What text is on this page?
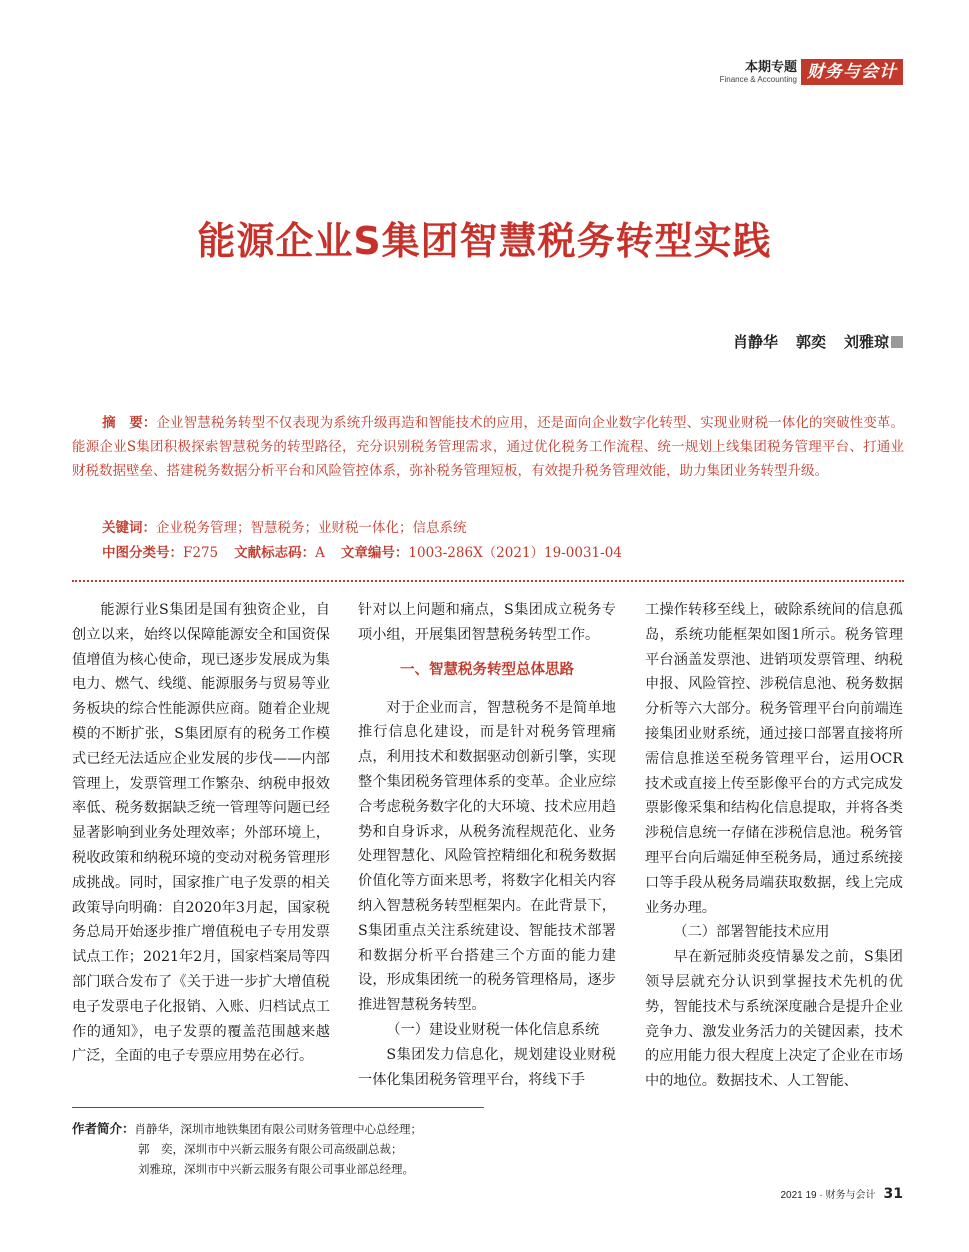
本期专题
Finance & Accounting 财务与会计
能源企业S集团智慧税务转型实践
肖静华 郭奕 刘雅琼
摘　要：企业智慧税务转型不仅表现为系统升级再造和智能技术的应用，还是面向企业数字化转型、实现业财税一体化的突破性变革。能源企业S集团积极探索智慧税务的转型路径，充分识别税务管理需求，通过优化税务工作流程、统一规划上线集团税务管理平台、打通业财税数据壁垒、搭建税务数据分析平台和风险管控体系，弥补税务管理短板，有效提升税务管理效能，助力集团业务转型升级。
关键词：企业税务管理；智慧税务；业财税一体化；信息系统
中图分类号：F275 文献标志码：A 文章编号：1003-286X（2021）19-0031-04

能源行业S集团是国有独资企业，自创立以来，始终以保障能源安全和国资保值增值为核心使命，现已逐步发展成为集电力、燃气、线缆、能源服务与贸易等业务板块的综合性能源供应商。随着企业规模的不断扩张，S集团原有的税务工作模式已经无法适应企业发展的步伐——内部管理上，发票管理工作繁杂、纳税申报效率低、税务数据缺乏统一管理等问题已经显著影响到业务处理效率；外部环境上，税收政策和纳税环境的变动对税务管理形成挑战。同时，国家推广电子发票的相关政策导向明确：自2020年3月起，国家税务总局开始逐步推广增值税电子专用发票试点工作；2021年2月，国家档案局等四部门联合发布了《关于进一步扩大增值税电子发票电子化报销、入账、归档试点工作的通知》，电子发票的覆盖范围越来越广泛，全面的电子专票应用势在必行。

针对以上问题和痛点，S集团成立税务专项小组，开展集团智慧税务转型工作。

一、智慧税务转型总体思路

对于企业而言，智慧税务不是简单地推行信息化建设，而是针对税务管理痛点，利用技术和数据驱动创新引擎，实现整个集团税务管理体系的变革。企业应综合考虑税务数字化的大环境、技术应用趋势和自身诉求，从税务流程规范化、业务处理智慧化、风险管控精细化和税务数据价值化等方面来思考，将数字化相关内容纳入智慧税务转型框架内。在此背景下，S集团重点关注系统建设、智能技术部署和数据分析平台搭建三个方面的能力建设，形成集团统一的税务管理格局，逐步推进智慧税务转型。

（一）建设业财税一体化信息系统

S集团发力信息化，规划建设业财税一体化集团税务管理平台，将线下手

工操作转移至线上，破除系统间的信息孤岛，系统功能框架如图1所示。税务管理平台涵盖发票池、进销项发票管理、纳税申报、风险管控、涉税信息池、税务数据分析等六大部分。税务管理平台向前端连接集团业财系统，通过接口部署直接将所需信息推送至税务管理平台，运用OCR技术或直接上传至影像平台的方式完成发票影像采集和结构化信息提取，并将各类涉税信息统一存储在涉税信息池。税务管理平台向后端延伸至税务局，通过系统接口等手段从税务局端获取数据，线上完成业务办理。

（二）部署智能技术应用

早在新冠肺炎疫情暴发之前，S集团领导层就充分认识到掌握技术先机的优势，智能技术与系统深度融合是提升企业竞争力、激发业务活力的关键因素，技术的应用能力很大程度上决定了企业在市场中的地位。数据技术、人工智能、

作者简介：肖静华，深圳市地铁集团有限公司财务管理中心总经理；
郭　奕，深圳市中兴新云服务有限公司高级副总裁；
刘雅琼，深圳市中兴新云服务有限公司事业部总经理。
2021 19 · 财务与会计 31
